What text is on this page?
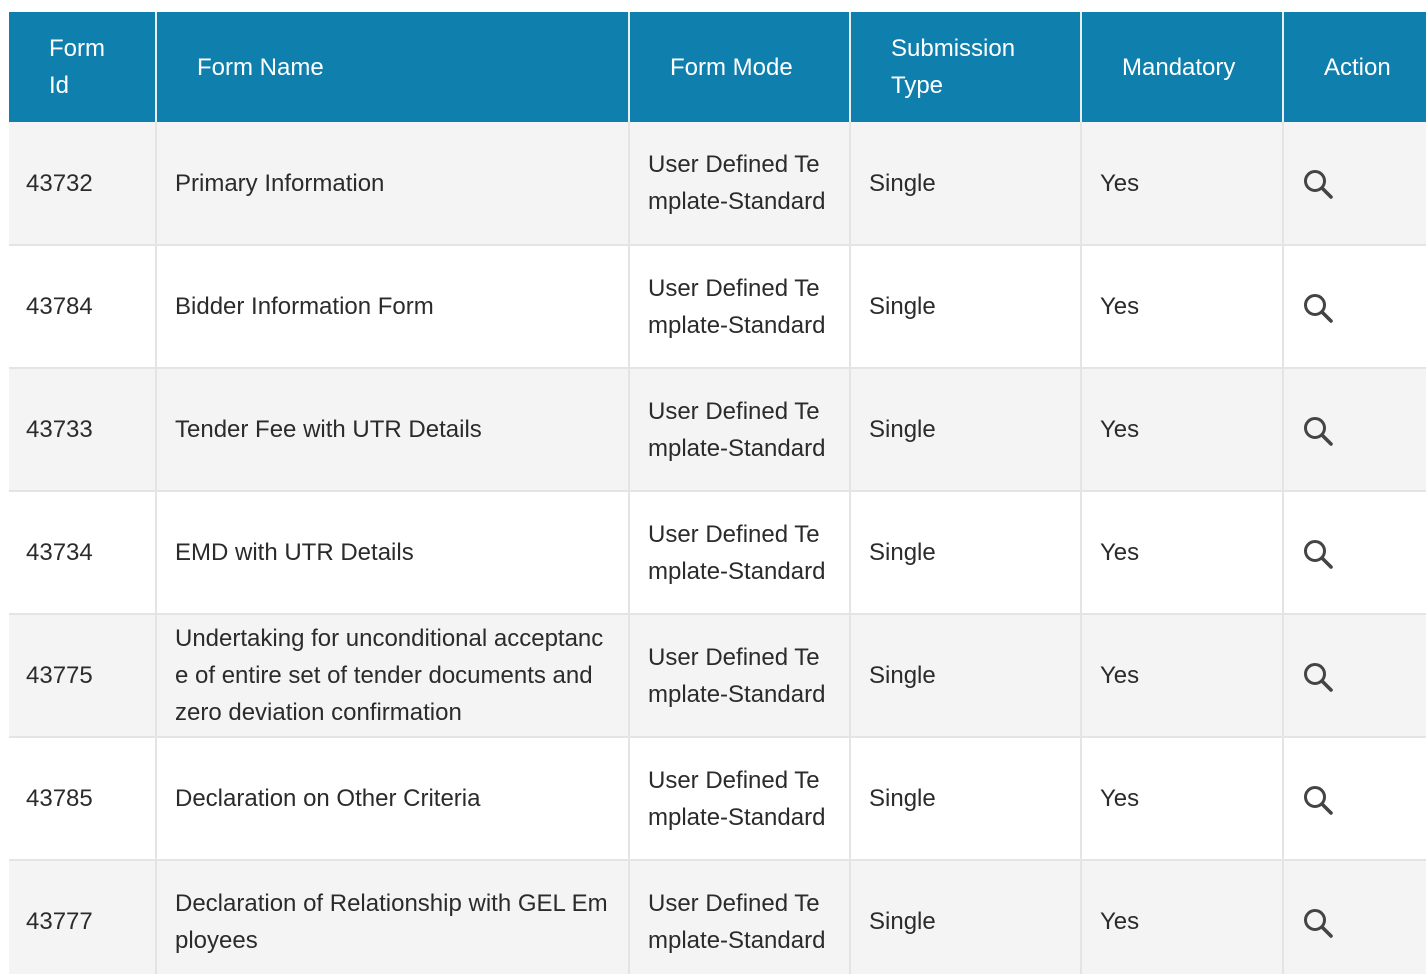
Form Id	Form Name	Form Mode	Submission Type	Mandatory	Action
43732	Primary Information	User Defined Template-Standard	Single	Yes	
43784	Bidder Information Form	User Defined Template-Standard	Single	Yes	
43733	Tender Fee with UTR Details	User Defined Template-Standard	Single	Yes	
43734	EMD with UTR Details	User Defined Template-Standard	Single	Yes	
43775	Undertaking for unconditional acceptance of entire set of tender documents and zero deviation confirmation	User Defined Template-Standard	Single	Yes	
43785	Declaration on Other Criteria	User Defined Template-Standard	Single	Yes	
43777	Declaration of Relationship with GEL Employees	User Defined Template-Standard	Single	Yes	
